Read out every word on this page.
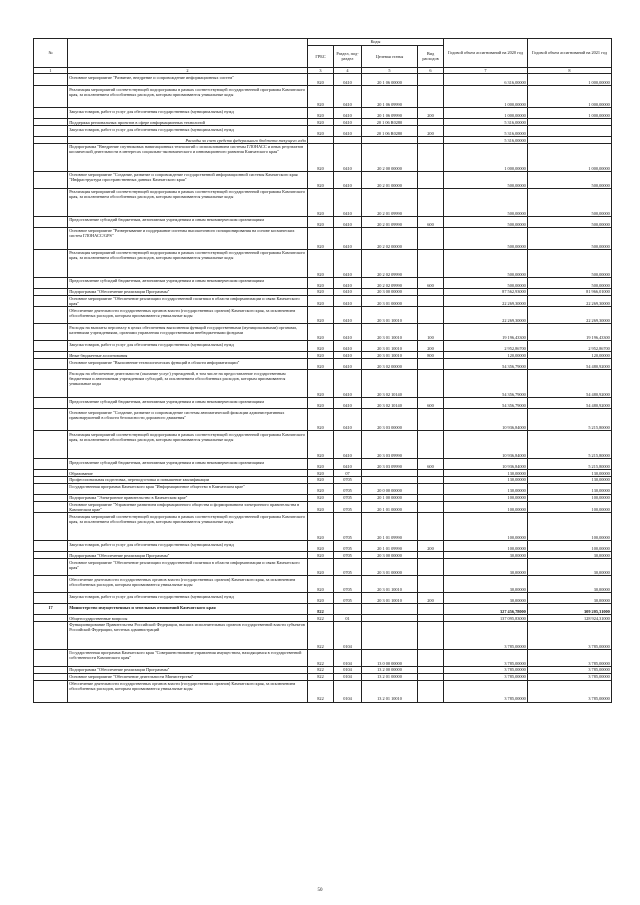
№		Коды				Годовой объем ассигнований на 2020 год	Годовой объем ассигнований на 2021 год
		ГРБС	Раздел, под-раздел	Целевая статья	Вид расходов		
1	2	3	4	5	6	7	8
	Основное мероприятие "Развитие, внедрение и сопровождение информационных систем"	820	0410	20 1 06 00000		6 316,00000	1 000,00000
	Реализация мероприятий соответствующей подпрограммы в рамках соответствующей государственной программы Камчатского края, за исключением обособленных расходов, которым присваиваются уникальные коды	820	0410	20 1 06 09990		1 000,00000	1 000,00000
	Закупка товаров, работ и услуг для обеспечения государственных (муниципальных) нужд	820	0410	20 1 06 09990	200	1 000,00000	1 000,00000
	Поддержка региональных проектов в сфере информационных технологий	820	0410	20 1 06 R0280		5 316,00000	
	Закупка товаров, работ и услуг для обеспечения государственных (муниципальных) нужд	820	0410	20 1 06 R0280	200	5 316,00000	
	Расходы за счет средств федерального бюджета текущего года					5 316,00000	
	Подпрограмма "Внедрение спутниковых навигационных технологий с использованием системы ГЛОНАСС и иных результатов космической деятельности в интересах социально-экономического и инновационного развития Камчатского края"	820	0410	20 2 00 00000		1 000,00000	1 000,00000
	Основное мероприятие "Создание, развитие и сопровождение государственной информационной системы Камчатского края "Инфраструктура пространственных данных Камчатского края"	820	0410	20 2 01 00000		500,00000	500,00000
	Реализация мероприятий соответствующей подпрограммы в рамках соответствующей государственной программы Камчатского края, за исключением обособленных расходов, которым присваиваются уникальные коды	820	0410	20 2 01 09990		500,00000	500,00000
	Предоставление субсидий бюджетным, автономным учреждениям и иным некоммерческим организациям	820	0410	20 2 01 09990	600	500,00000	500,00000
	Основное мероприятие "Развертывание и поддержание системы высокоточного позиционирования на основе космических систем ГЛОНАСС/GPS"	820	0410	20 2 02 00000		500,00000	500,00000
	Реализация мероприятий соответствующей подпрограммы в рамках соответствующей государственной программы Камчатского края, за исключением обособленных расходов, которым присваиваются уникальные коды	820	0410	20 2 02 09990		500,00000	500,00000
	Предоставление субсидий бюджетным, автономным учреждениям и иным некоммерческим организациям	820	0410	20 2 02 09990	600	500,00000	500,00000
	Подпрограмма "Обеспечение реализации Программы"	820	0410	20 3 00 00000		87 562,93000	81 966,01000
	Основное мероприятие "Обеспечение реализации государственной политики в области информатизации и связи Камчатского края"	820	0410	20 3 01 00000		22 269,30000	22 269,30000
	Обеспечение деятельности государственных органов власти (государственных органов) Камчатского края, за исключением обособленных расходов, которым присваиваются уникальные коды	820	0410	20 3 01 10010		22 269,30000	22 269,30000
	Расходы на выплаты персоналу в целях обеспечения выполнения функций государственными (муниципальными) органами, казенными учреждениями, органами управления государственными внебюджетными фондами	820	0410	20 3 01 10010	100	19 196,43300	19 196,43300
	Закупка товаров, работ и услуг для обеспечения государственных (муниципальных) нужд	820	0410	20 3 01 10010	200	2 952,86700	2 952,86700
	Иные бюджетные ассигнования	820	0410	20 3 01 10010	800	120,00000	120,00000
	Основное мероприятие "Выполнение технологических функций в области информатизации"	820	0410	20 3 02 00000		54 356,79000	54 480,92000
	Расходы на обеспечение деятельности (оказание услуг) учреждений, в том числе на предоставление государственным бюджетным и автономным учреждениям субсидий, за исключением обособленных расходов, которым присваиваются уникальные коды	820	0410	20 3 02 10140		54 356,79000	54 480,92000
	Предоставление субсидий бюджетным, автономным учреждениям и иным некоммерческим организациям	820	0410	20 3 02 10140	600	54 356,79000	54 480,92000
	Основное мероприятие "Создание, развитие и сопровождение системы автоматической фиксации административных правонарушений в области безопасности дорожного движения"	820	0410	20 3 03 00000		10 936,84000	5 215,80000
	Реализация мероприятий соответствующей подпрограммы в рамках соответствующей государственной программы Камчатского края, за исключением обособленных расходов, которым присваиваются уникальные коды	820	0410	20 3 03 09990		10 936,84000	5 215,80000
	Предоставление субсидий бюджетным, автономным учреждениям и иным некоммерческим организациям	820	0410	20 3 03 09990	600	10 936,84000	5 215,80000
	Образование	820	07			130,00000	130,00000
	Профессиональная подготовка, переподготовка и повышение квалификации	820	0705			130,00000	130,00000
	Государственная программа Камчатского края "Информационное общество в Камчатском крае"	820	0705	20 0 00 00000		130,00000	130,00000
	Подпрограмма "Электронное правительство в Камчатском крае"	820	0705	20 1 00 00000		100,00000	100,00000
	Основное мероприятие "Управление развитием информационного общества и формированием электронного правительства в Камчатском крае"	820	0705	20 1 01 00000		100,00000	100,00000
	Реализация мероприятий соответствующей подпрограммы в рамках соответствующей государственной программы Камчатского края, за исключением обособленных расходов, которым присваиваются уникальные коды	820	0705	20 1 01 09990		100,00000	100,00000
	Закупка товаров, работ и услуг для обеспечения государственных (муниципальных) нужд	820	0705	20 1 01 09990	200	100,00000	100,00000
	Подпрограмма "Обеспечение реализации Программы"	820	0705	20 3 00 00000		30,00000	30,00000
	Основное мероприятие "Обеспечение реализации государственной политики в области информатизации и связи Камчатского края"	820	0705	20 3 01 00000		30,00000	30,00000
	Обеспечение деятельности государственных органов власти (государственных органов) Камчатского края, за исключением обособленных расходов, которым присваиваются уникальные коды	820	0705	20 3 01 10010		30,00000	30,00000
	Закупка товаров, работ и услуг для обеспечения государственных (муниципальных) нужд	820	0705	20 3 01 10010	200	30,00000	30,00000
17	Министерство имущественных и земельных отношений Камчатского края	822				327 456,78000	309 205,31000
	Общегосударственные вопросы	822	01			137 095,83000	128 924,31000
	Функционирование Правительства Российской Федерации, высших исполнительных органов государственной власти субъектов Российской Федерации, местных администраций	822	0104			3 785,00000	3 785,00000
	Государственная программа Камчатского края "Совершенствование управления имуществом, находящимся в государственной собственности Камчатского края"	822	0104	13 0 00 00000		3 785,00000	3 785,00000
	Подпрограмма "Обеспечение реализации Программы"	822	0104	13 2 00 00000		3 785,00000	3 785,00000
	Основное мероприятие "Обеспечение деятельности Министерства"	822	0104	13 2 01 00000		3 785,00000	3 785,00000
	Обеспечение деятельности государственных органов власти (государственных органов) Камчатского края, за исключением обособленных расходов, которым присваиваются уникальные коды	822	0104	13 2 01 10010		3 785,00000	3 785,00000
50
